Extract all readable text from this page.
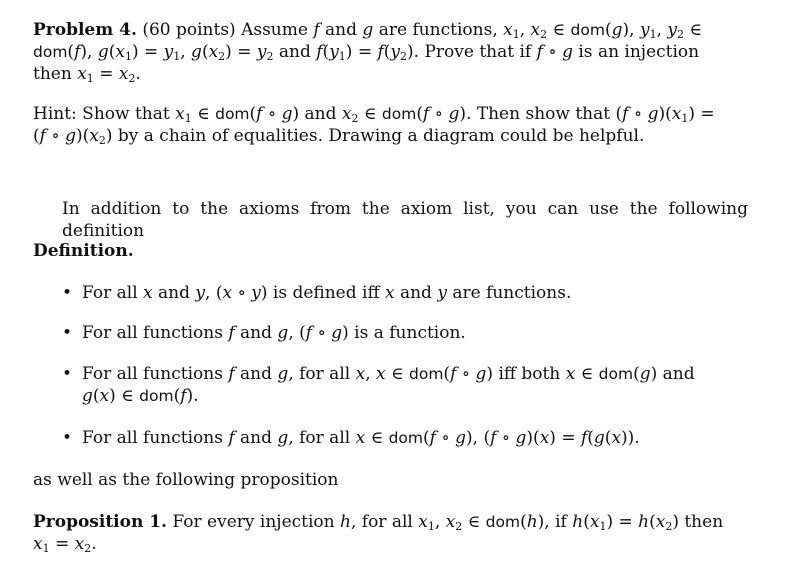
Problem 4. (60 points) Assume f and g are functions, $x_1$, $x_2$ ∈ dom(g), $y_1$, $y_2$ ∈
dom(f), $g(x_1) = y_1$, $g(x_2) = y_2$ and $f(y_1) = f(y_2)$. Prove that if f ∘ g is an injection
then $x_1 = x_2$.
Hint: Show that $x_1$ ∈ dom(f ∘ g) and $x_2$ ∈ dom(f ∘ g). Then show that (f ∘ $g)(x_1)$ =
(f ∘ $g)(x_2)$ by a chain of equalities. Drawing a diagram could be helpful.
In addition to the axioms from the axiom list, you can use the following definition
Definition.
• For all x and y, (x ∘ y) is defined iff x and y are functions.
• For all functions f and g, (f ∘ g) is a function.
• For all functions f and g, for all x, x ∈ dom(f ∘ g) iff both x ∈ dom(g) and
g(x) ∈ dom(f).
• For all functions f and g, for all x ∈ dom(f ∘ g), (f ∘ g)(x) = f(g(x)).
as well as the following proposition
Proposition 1. For every injection h, for all $x_1$, $x_2$ ∈ dom(h), if $h(x_1) = h(x_2)$ then
$x_1 = x_2$.
